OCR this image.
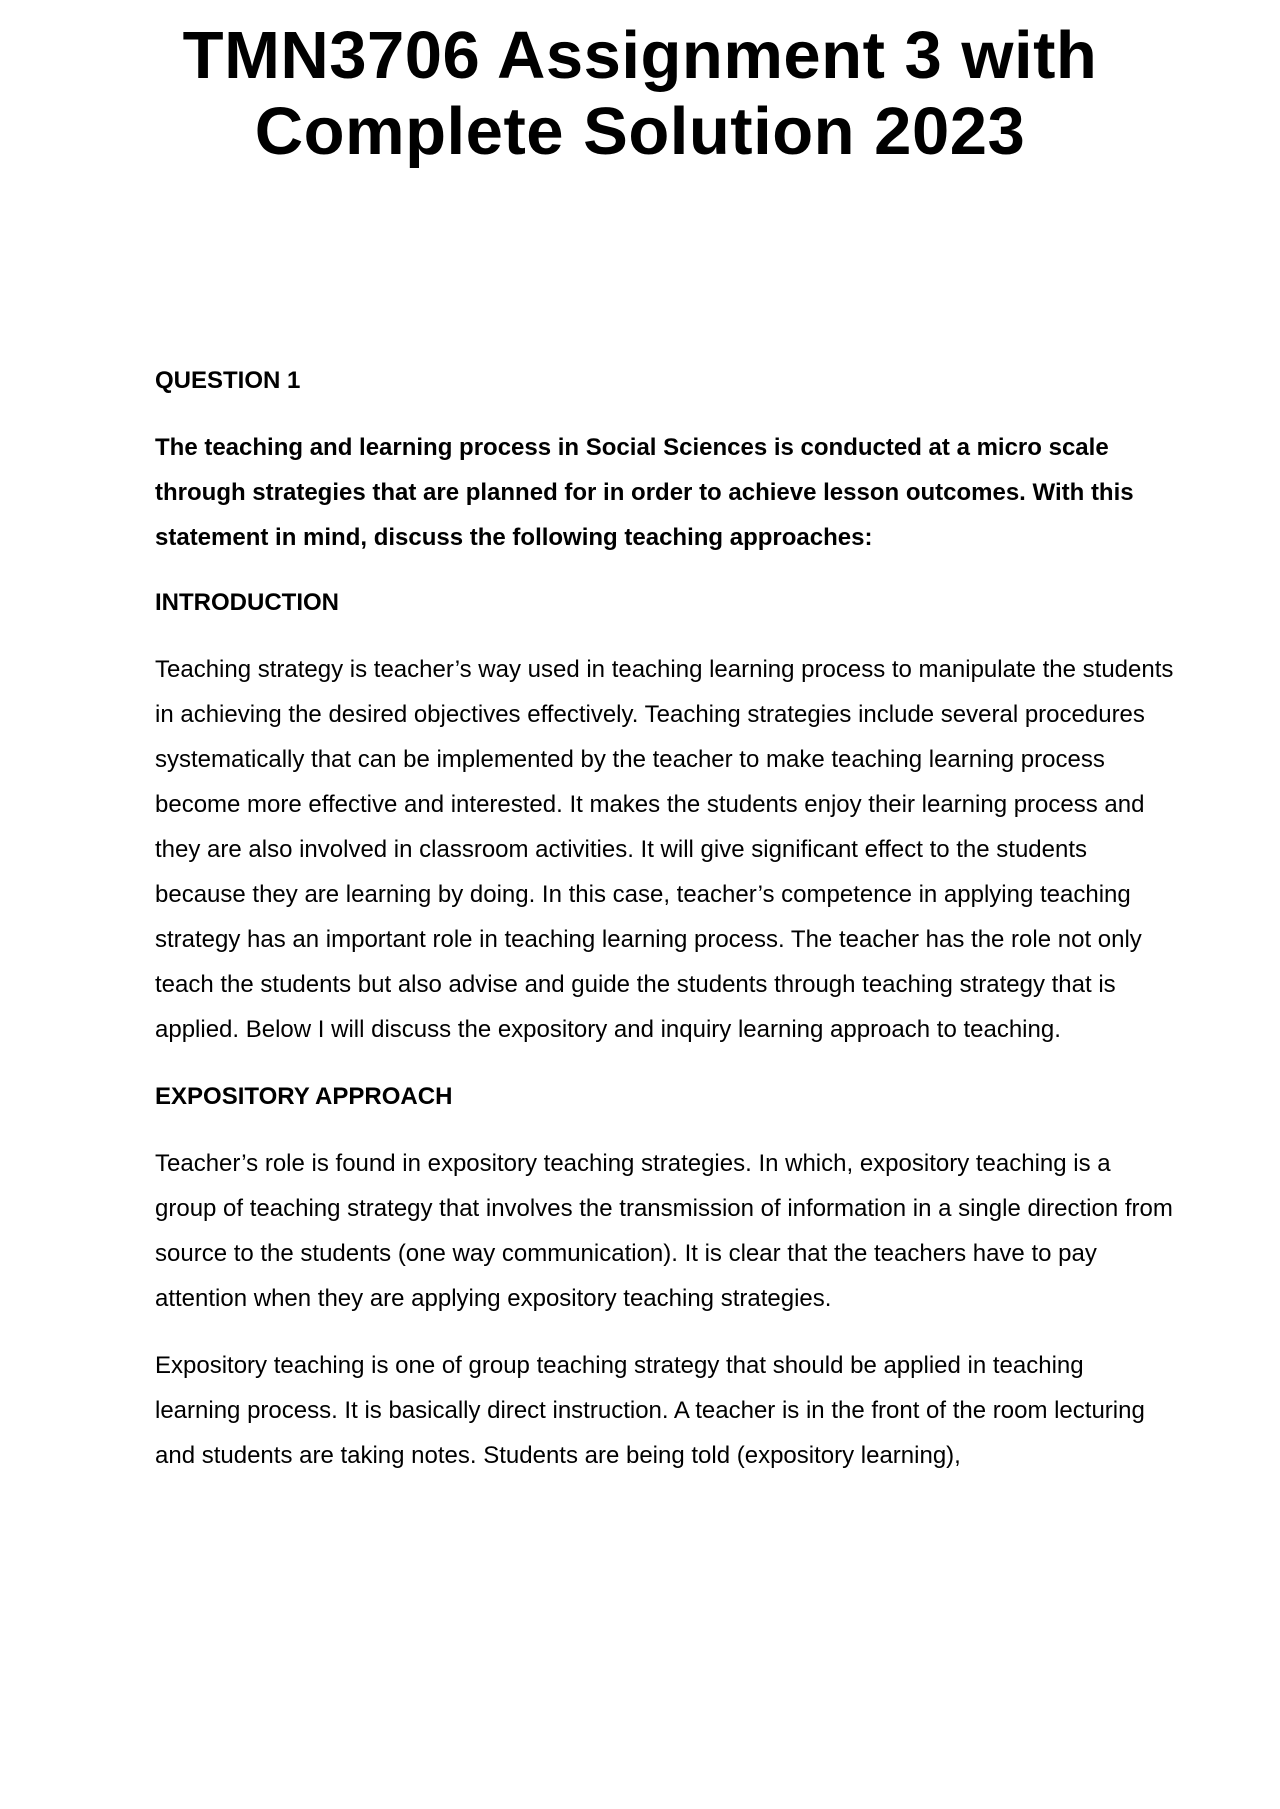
TMN3706 Assignment 3 with Complete Solution 2023

QUESTION 1

The teaching and learning process in Social Sciences is conducted at a micro scale through strategies that are planned for in order to achieve lesson outcomes. With this statement in mind, discuss the following teaching approaches:

INTRODUCTION

Teaching strategy is teacher’s way used in teaching learning process to manipulate the students in achieving the desired objectives effectively. Teaching strategies include several procedures systematically that can be implemented by the teacher to make teaching learning process become more effective and interested. It makes the students enjoy their learning process and they are also involved in classroom activities. It will give significant effect to the students because they are learning by doing. In this case, teacher’s competence in applying teaching strategy has an important role in teaching learning process. The teacher has the role not only teach the students but also advise and guide the students through teaching strategy that is applied. Below I will discuss the expository and inquiry learning approach to teaching.

EXPOSITORY APPROACH

Teacher’s role is found in expository teaching strategies. In which, expository teaching is a group of teaching strategy that involves the transmission of information in a single direction from source to the students (one way communication). It is clear that the teachers have to pay attention when they are applying expository teaching strategies.

Expository teaching is one of group teaching strategy that should be applied in teaching learning process. It is basically direct instruction. A teacher is in the front of the room lecturing and students are taking notes. Students are being told (expository learning),
